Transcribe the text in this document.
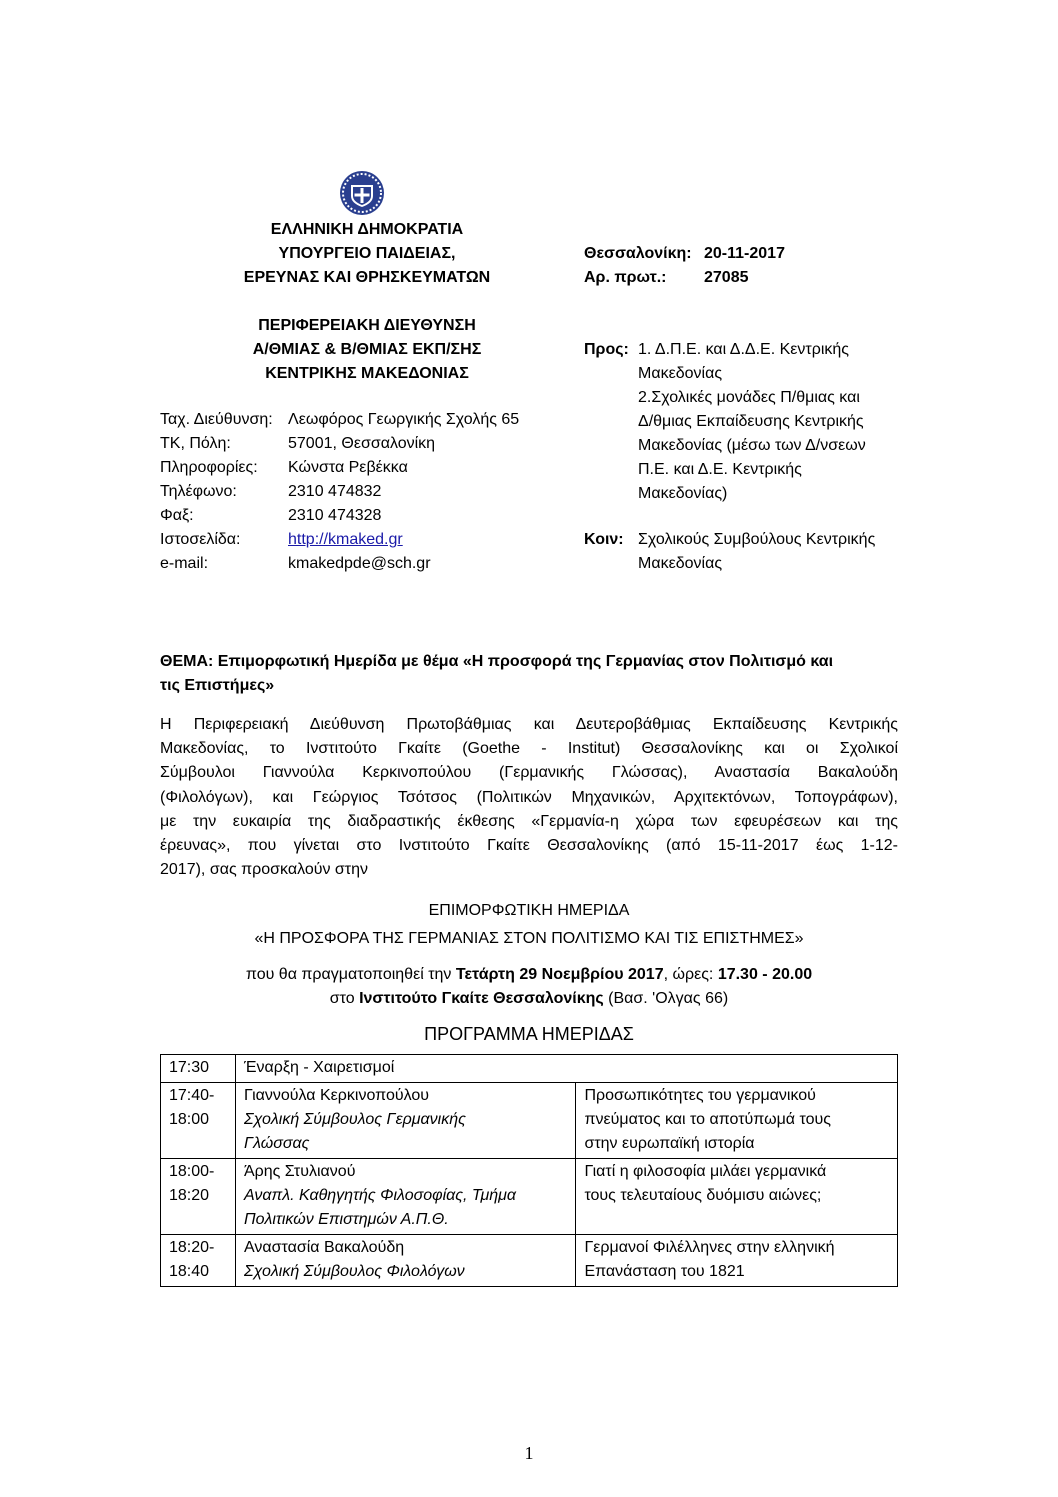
ΕΛΛΗΝΙΚΗ ΔΗΜΟΚΡΑΤΙΑ
ΥΠΟΥΡΓΕΙΟ ΠΑΙΔΕΙΑΣ,
ΕΡΕΥΝΑΣ ΚΑΙ ΘΡΗΣΚΕΥΜΑΤΩΝ
ΠΕΡΙΦΕΡΕΙΑΚΗ ΔΙΕΥΘΥΝΣΗ
Α/ΘΜΙΑΣ & Β/ΘΜΙΑΣ ΕΚΠ/ΣΗΣ
ΚΕΝΤΡΙΚΗΣ ΜΑΚΕΔΟΝΙΑΣ
Θεσσαλονίκη: 20-11-2017
Αρ. πρωτ.: 27085
Ταχ. Διεύθυνση: Λεωφόρος Γεωργικής Σχολής 65
ΤΚ, Πόλη:	57001, Θεσσαλονίκη
Πληροφορίες: Κώνστα Ρεβέκκα
Τηλέφωνο:	2310 474832
Φαξ:	2310 474328
Ιστοσελίδα:	http://kmaked.gr
e-mail:	kmakedpde@sch.gr
Προς: 1. Δ.Π.Ε. και Δ.Δ.Ε. Κεντρικής
Μακεδονίας
2.Σχολικές μονάδες Π/θμιας και
Δ/θμιας Εκπαίδευσης Κεντρικής
Μακεδονίας (μέσω των Δ/νσεων
Π.Ε. και Δ.Ε. Κεντρικής
Μακεδονίας)
Κοιν: Σχολικούς Συμβούλους Κεντρικής
Μακεδονίας
ΘΕΜΑ: Επιμορφωτική Ημερίδα με θέμα «Η προσφορά της Γερμανίας στον Πολιτισμό και
τις Επιστήμες»
Η Περιφερειακή Διεύθυνση Πρωτοβάθμιας και Δευτεροβάθμιας Εκπαίδευσης Κεντρικής
Μακεδονίας, το Ινστιτούτο Γκαίτε (Goethe - Institut) Θεσσαλονίκης και οι Σχολικοί
Σύμβουλοι Γιαννούλα Κερκινοπούλου (Γερμανικής Γλώσσας), Αναστασία Βακαλούδη
(Φιλολόγων), και Γεώργιος Τσότσος (Πολιτικών Μηχανικών, Αρχιτεκτόνων, Τοπογράφων),
με την ευκαιρία της διαδραστικής έκθεσης «Γερμανία-η χώρα των εφευρέσεων και της
έρευνας», που γίνεται στο Ινστιτούτο Γκαίτε Θεσσαλονίκης (από 15-11-2017 έως 1-12-
2017), σας προσκαλούν στην
ΕΠΙΜΟΡΦΩΤΙΚΗ ΗΜΕΡΙΔΑ
«Η ΠΡΟΣΦΟΡΑ ΤΗΣ ΓΕΡΜΑΝΙΑΣ ΣΤΟΝ ΠΟΛΙΤΙΣΜΟ ΚΑΙ ΤΙΣ ΕΠΙΣΤΗΜΕΣ»
που θα πραγματοποιηθεί την Τετάρτη 29 Νοεμβρίου 2017, ώρες: 17.30 - 20.00
στο Ινστιτούτο Γκαίτε Θεσσαλονίκης (Βασ. 'Ολγας 66)
ΠΡΟΓΡΑΜΜΑ ΗΜΕΡΙΔΑΣ
17:30	Έναρξη - Χαιρετισμοί	
17:40-
18:00	Γιαννούλα Κερκινοπούλου
Σχολική Σύμβουλος Γερμανικής
Γλώσσας	Προσωπικότητες του γερμανικού
πνεύματος και το αποτύπωμά τους
στην ευρωπαϊκή ιστορία
18:00-
18:20	Άρης Στυλιανού
Αναπλ. Καθηγητής Φιλοσοφίας, Τμήμα
Πολιτικών Επιστημών Α.Π.Θ.	Γιατί η φιλοσοφία μιλάει γερμανικά
τους τελευταίους δυόμισυ αιώνες;
18:20-
18:40	Αναστασία Βακαλούδη
Σχολική Σύμβουλος Φιλολόγων	Γερμανοί Φιλέλληνες στην ελληνική
Επανάσταση του 1821
1
